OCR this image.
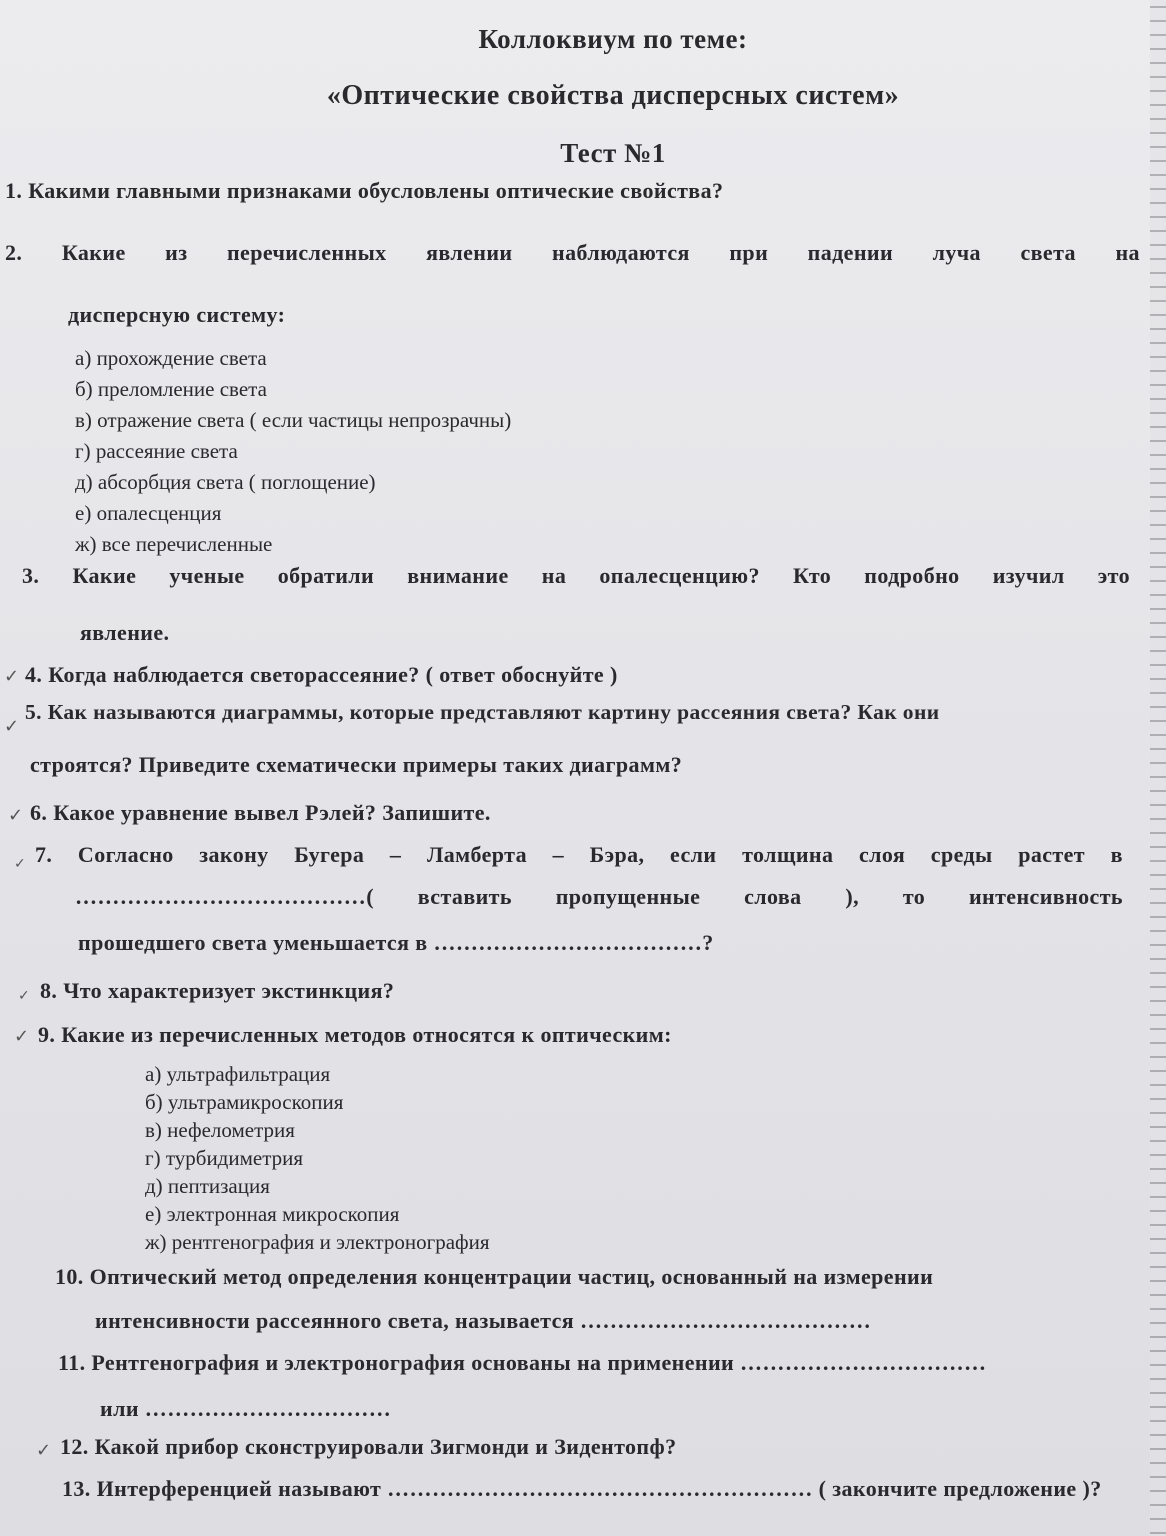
Коллоквиум по теме:
«Оптические свойства дисперсных систем»
Тест №1
1. Какими главными признаками обусловлены оптические свойства?
2. Какие из перечисленных явлении наблюдаются при падении луча света на
дисперсную систему:
а) прохождение света
б) преломление света
в) отражение света ( если частицы непрозрачны)
г) рассеяние света
д) абсорбция света ( поглощение)
е) опалесценция
ж) все перечисленные
3. Какие ученые обратили внимание на опалесценцию? Кто подробно изучил это
явление.
✓ 4. Когда наблюдается светорассеяние? ( ответ обоснуйте )
✓
5. Как называются диаграммы, которые представляют картину рассеяния света? Как они
строятся? Приведите схематически примеры таких диаграмм?
✓ 6. Какое уравнение вывел Рэлей? Запишите.
✓ 7. Согласно закону Бугера – Ламберта – Бэра, если толщина слоя среды растет в
…………………………………( вставить пропущенные слова ), то интенсивность
прошедшего света уменьшается в ………………………………?
✓ 8. Что характеризует экстинкция?
✓ 9. Какие из перечисленных методов относятся к оптическим:
а) ультрафильтрация
б) ультрамикроскопия
в) нефелометрия
г) турбидиметрия
д) пептизация
е) электронная микроскопия
ж) рентгенография и электронография
10. Оптический метод определения концентрации частиц, основанный на измерении
интенсивности рассеянного света, называется …………………………………
11. Рентгенография и электронография основаны на применении ……………………………
или ……………………………
✓ 12. Какой прибор сконструировали Зигмонди и Зидентопф?
13. Интерференцией называют ………………………………………………… ( закончите предложение )?
